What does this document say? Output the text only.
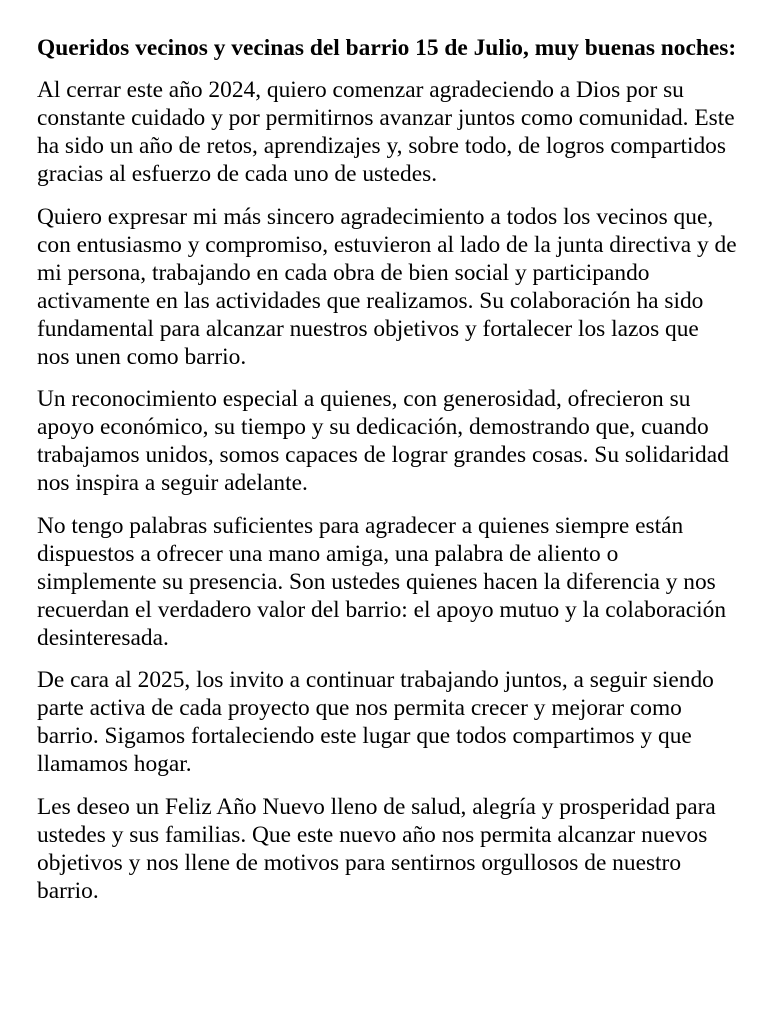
Queridos vecinos y vecinas del barrio 15 de Julio, muy buenas noches:

Al cerrar este año 2024, quiero comenzar agradeciendo a Dios por su constante cuidado y por permitirnos avanzar juntos como comunidad. Este ha sido un año de retos, aprendizajes y, sobre todo, de logros compartidos gracias al esfuerzo de cada uno de ustedes.

Quiero expresar mi más sincero agradecimiento a todos los vecinos que, con entusiasmo y compromiso, estuvieron al lado de la junta directiva y de mi persona, trabajando en cada obra de bien social y participando activamente en las actividades que realizamos. Su colaboración ha sido fundamental para alcanzar nuestros objetivos y fortalecer los lazos que nos unen como barrio.

Un reconocimiento especial a quienes, con generosidad, ofrecieron su apoyo económico, su tiempo y su dedicación, demostrando que, cuando trabajamos unidos, somos capaces de lograr grandes cosas. Su solidaridad nos inspira a seguir adelante.

No tengo palabras suficientes para agradecer a quienes siempre están dispuestos a ofrecer una mano amiga, una palabra de aliento o simplemente su presencia. Son ustedes quienes hacen la diferencia y nos recuerdan el verdadero valor del barrio: el apoyo mutuo y la colaboración desinteresada.

De cara al 2025, los invito a continuar trabajando juntos, a seguir siendo parte activa de cada proyecto que nos permita crecer y mejorar como barrio. Sigamos fortaleciendo este lugar que todos compartimos y que llamamos hogar.

Les deseo un Feliz Año Nuevo lleno de salud, alegría y prosperidad para ustedes y sus familias. Que este nuevo año nos permita alcanzar nuevos objetivos y nos llene de motivos para sentirnos orgullosos de nuestro barrio.
